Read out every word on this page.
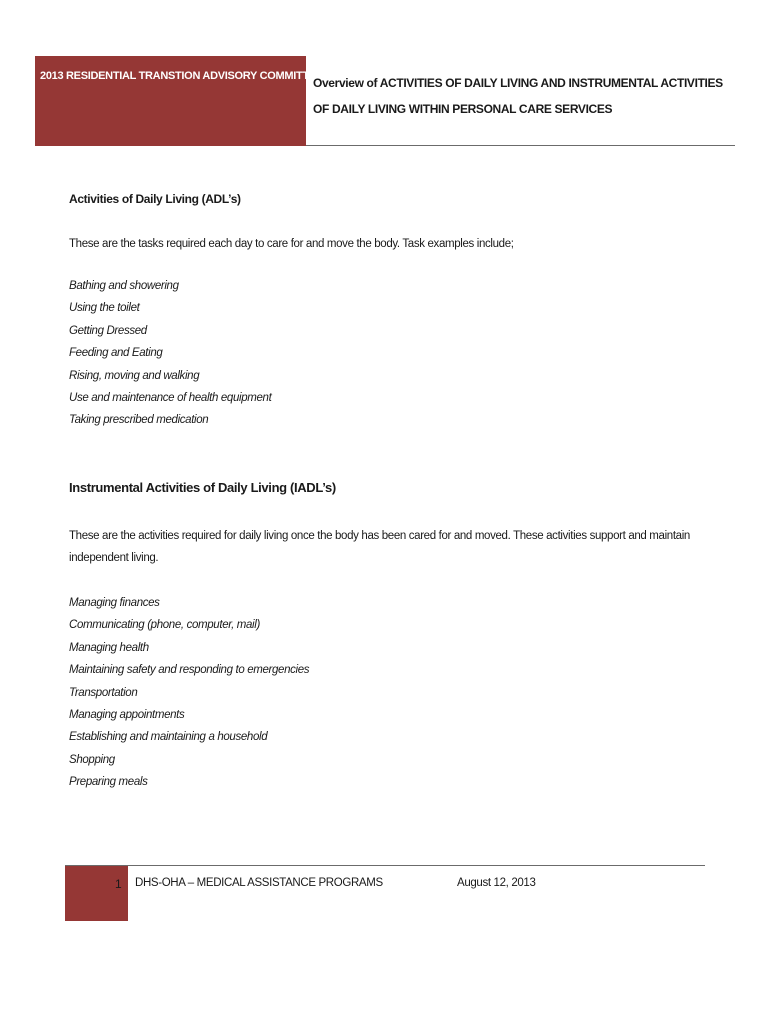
2013 RESIDENTIAL TRANSTION ADVISORY COMMITTEE
Overview of ACTIVITIES OF DAILY LIVING AND INSTRUMENTAL ACTIVITIES OF DAILY LIVING WITHIN PERSONAL CARE SERVICES
Activities of Daily Living (ADL’s)
These are the tasks required each day to care for and move the body. Task examples include;
Bathing and showering
Using the toilet
Getting Dressed
Feeding and Eating
Rising, moving and walking
Use and maintenance of health equipment
Taking prescribed medication
Instrumental Activities of Daily Living (IADL’s)
These are the activities required for daily living once the body has been cared for and moved. These activities support and maintain independent living.
Managing finances
Communicating (phone, computer, mail)
Managing health
Maintaining safety and responding to emergencies
Transportation
Managing appointments
Establishing and maintaining a household
Shopping
Preparing meals
1 DHS-OHA – MEDICAL ASSISTANCE PROGRAMS	August 12, 2013
